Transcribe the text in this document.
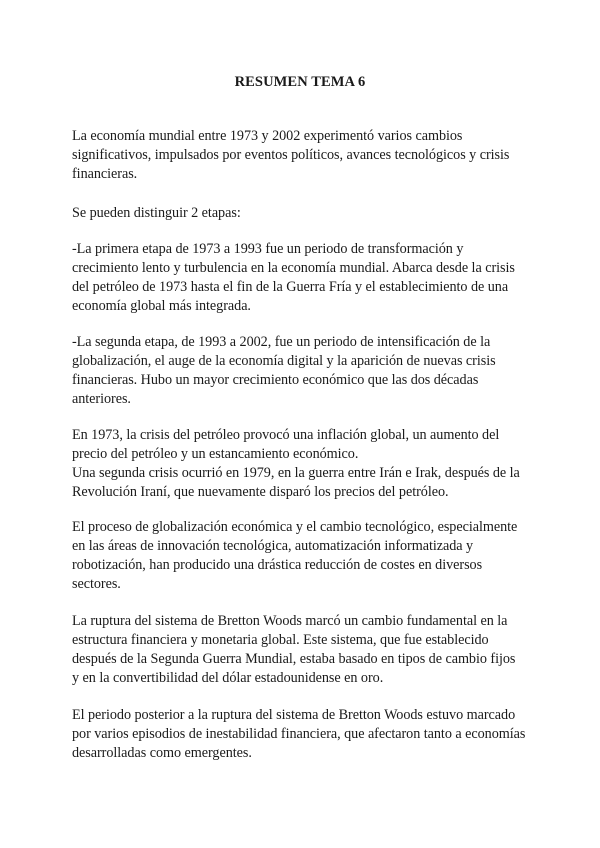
RESUMEN TEMA 6
La economía mundial entre 1973 y 2002 experimentó varios cambios
significativos, impulsados por eventos políticos, avances tecnológicos y crisis
financieras.
Se pueden distinguir 2 etapas:
-La primera etapa de 1973 a 1993 fue un periodo de transformación y
crecimiento lento y turbulencia en la economía mundial. Abarca desde la crisis
del petróleo de 1973 hasta el fin de la Guerra Fría y el establecimiento de una
economía global más integrada.
-La segunda etapa, de 1993 a 2002, fue un periodo de intensificación de la
globalización, el auge de la economía digital y la aparición de nuevas crisis
financieras. Hubo un mayor crecimiento económico que las dos décadas
anteriores.
En 1973, la crisis del petróleo provocó una inflación global, un aumento del
precio del petróleo y un estancamiento económico.
Una segunda crisis ocurrió en 1979, en la guerra entre Irán e Irak, después de la
Revolución Iraní, que nuevamente disparó los precios del petróleo.
El proceso de globalización económica y el cambio tecnológico, especialmente
en las áreas de innovación tecnológica, automatización informatizada y
robotización, han producido una drástica reducción de costes en diversos
sectores.
La ruptura del sistema de Bretton Woods marcó un cambio fundamental en la
estructura financiera y monetaria global. Este sistema, que fue establecido
después de la Segunda Guerra Mundial, estaba basado en tipos de cambio fijos
y en la convertibilidad del dólar estadounidense en oro.
El periodo posterior a la ruptura del sistema de Bretton Woods estuvo marcado
por varios episodios de inestabilidad financiera, que afectaron tanto a economías
desarrolladas como emergentes.
